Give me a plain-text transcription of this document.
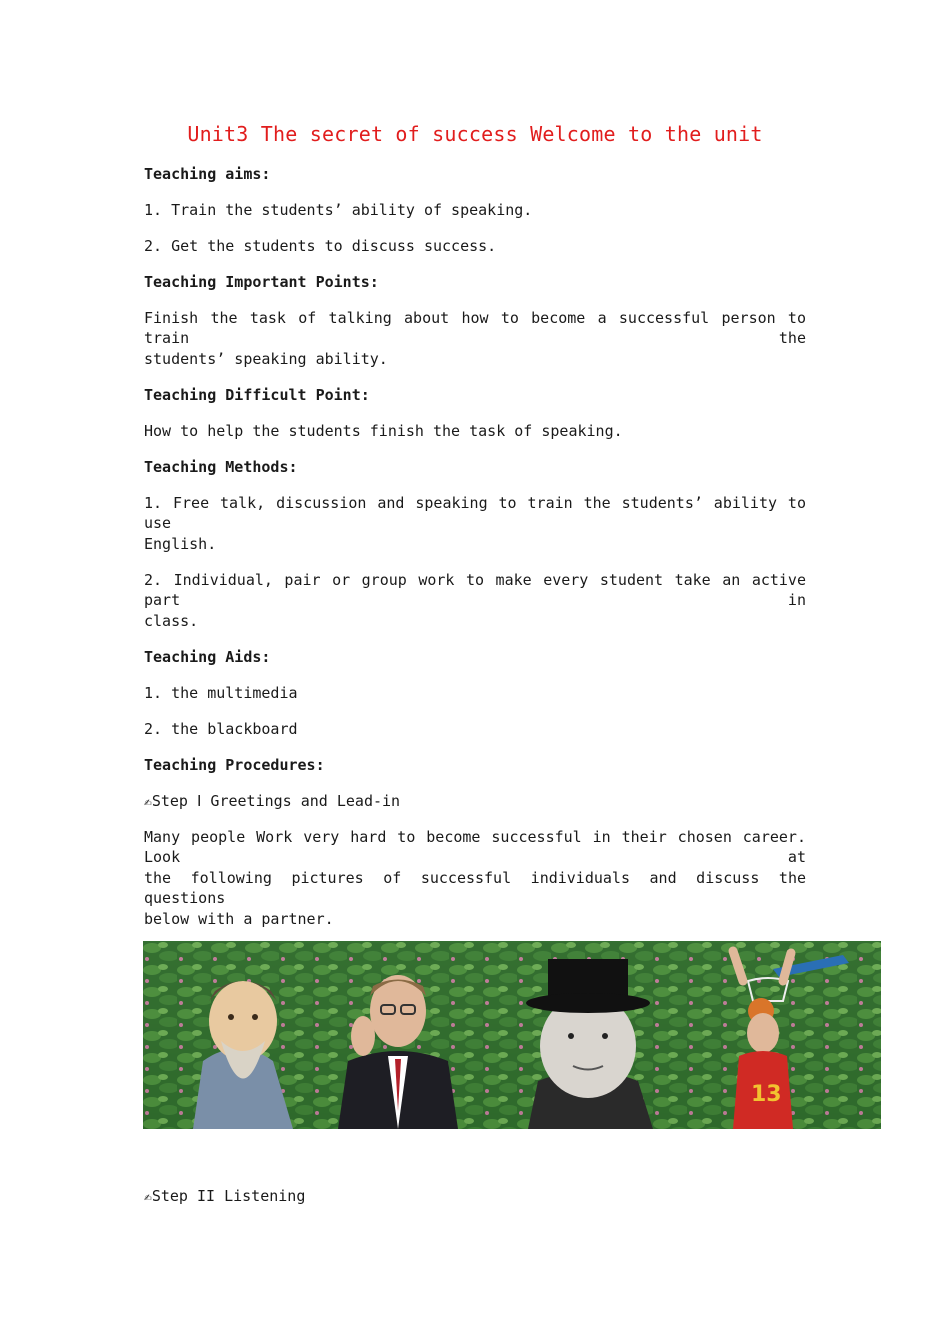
Unit3 The secret of success Welcome to the unit
Teaching aims:
1. Train the students’ ability of speaking.
2. Get the students to discuss success.
Teaching Important Points:
Finish the task of talking about how to become a successful person to train the
students’ speaking ability.
Teaching Difficult Point:
How to help the students finish the task of speaking.
Teaching Methods:
1. Free talk, discussion and speaking to train the students’ ability to use
English.
2. Individual, pair or group work to make every student take an active part in
class.
Teaching Aids:
1. the multimedia
2. the blackboard
Teaching Procedures:
✍Step Ⅰ Greetings and Lead-in
Many people Work very hard to become successful in their chosen career. Look at
the following pictures of successful individuals and discuss the questions
below with a partner.
13
✍Step II Listening
